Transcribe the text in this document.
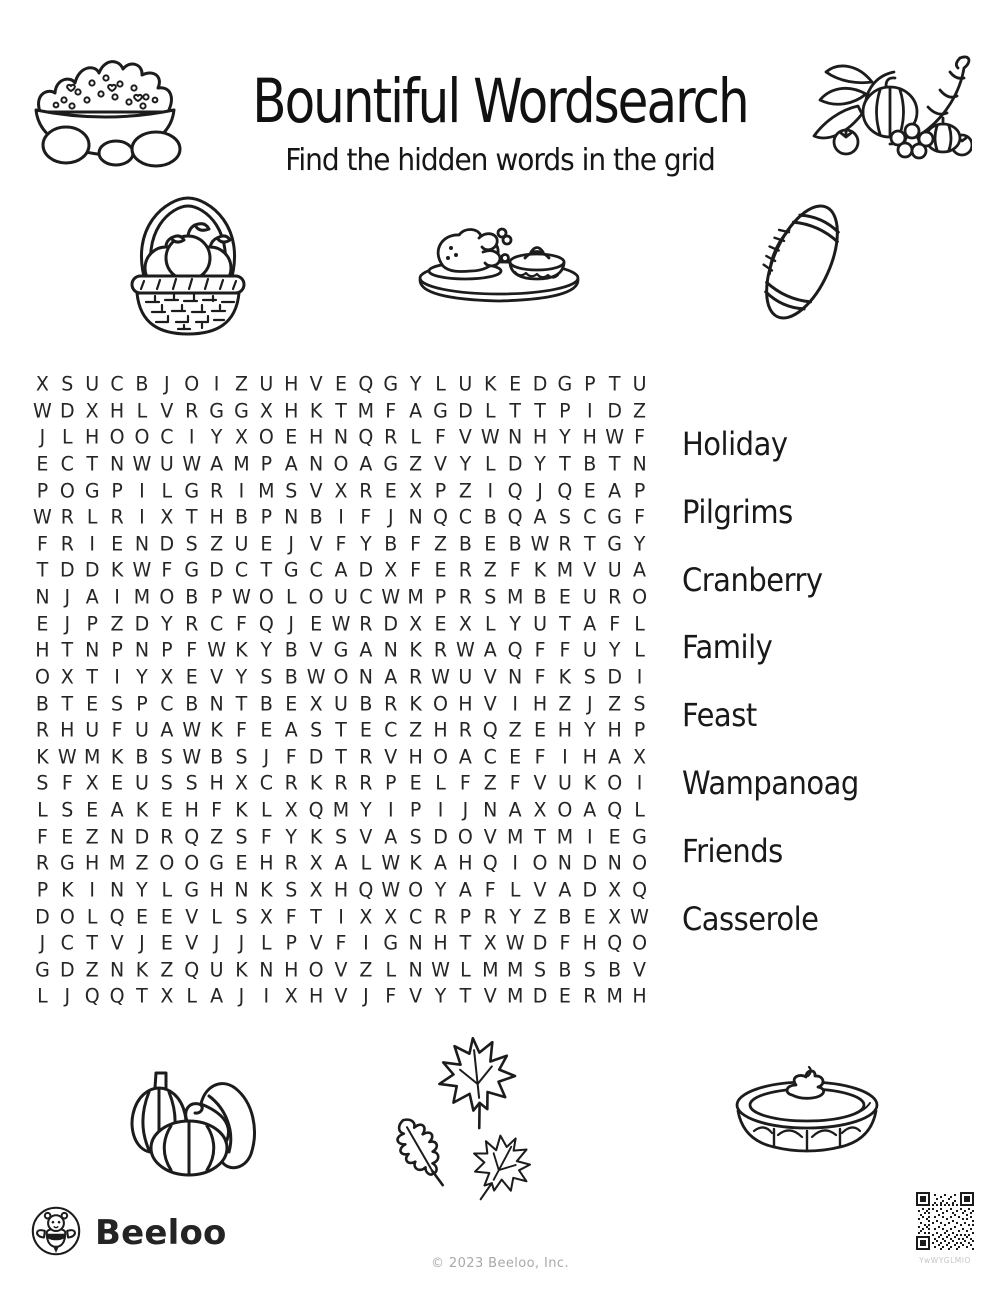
Bountiful Wordsearch
Find the hidden words in the grid
X S U C B J O I Z U H V E Q G Y L U K E D G P T U
W D X H L V R G G X H K T M F A G D L T T P I D Z
J L H O O C I Y X O E H N Q R L F V W N H Y H W F
E C T N W U W A M P A N O A G Z V Y L D Y T B T N
P O G P I L G R I M S V X R E X P Z I Q J Q E A P
W R L R I X T H B P N B I F J N Q C B Q A S C G F
F R I E N D S Z U E J V F Y B F Z B E B W R T G Y
T D D K W F G D C T G C A D X F E R Z F K M V U A
N J A I M O B P W O L O U C W M P R S M B E U R O
E J P Z D Y R C F Q J E W R D X E X L Y U T A F L
H T N P N P F W K Y B V G A N K R W A Q F F U Y L
O X T I Y X E V Y S B W O N A R W U V N F K S D I
B T E S P C B N T B E X U B R K O H V I H Z J Z S
R H U F U A W K F E A S T E C Z H R Q Z E H Y H P
K W M K B S W B S J F D T R V H O A C E F I H A X
S F X E U S S H X C R K R R P E L F Z F V U K O I
L S E A K E H F K L X Q M Y I P I	J N A X O A Q L
F E Z N D R Q Z S F Y K S V A S D O V M T M I E G
R G H M Z O O G E H R X A L W K A H Q I O N D N O
P K I N Y L G H N K S X H Q W O Y A F L V A D X Q
D O L Q E E V L S X F T I X X C R P R Y Z B E X W
J C T V J E V J	J L P V F I G N H T X W D F H Q O
G D Z N K Z Q U K N H O V Z L N W L M M S B S B V
L J Q Q T X L A J	I X H V J F V Y T V M D E R M H
Holiday
Pilgrims
Cranberry
Family
Feast
Wampanoag
Friends
Casserole
Beeloo
© 2023 Beeloo, Inc.	YwWYGLMIO
